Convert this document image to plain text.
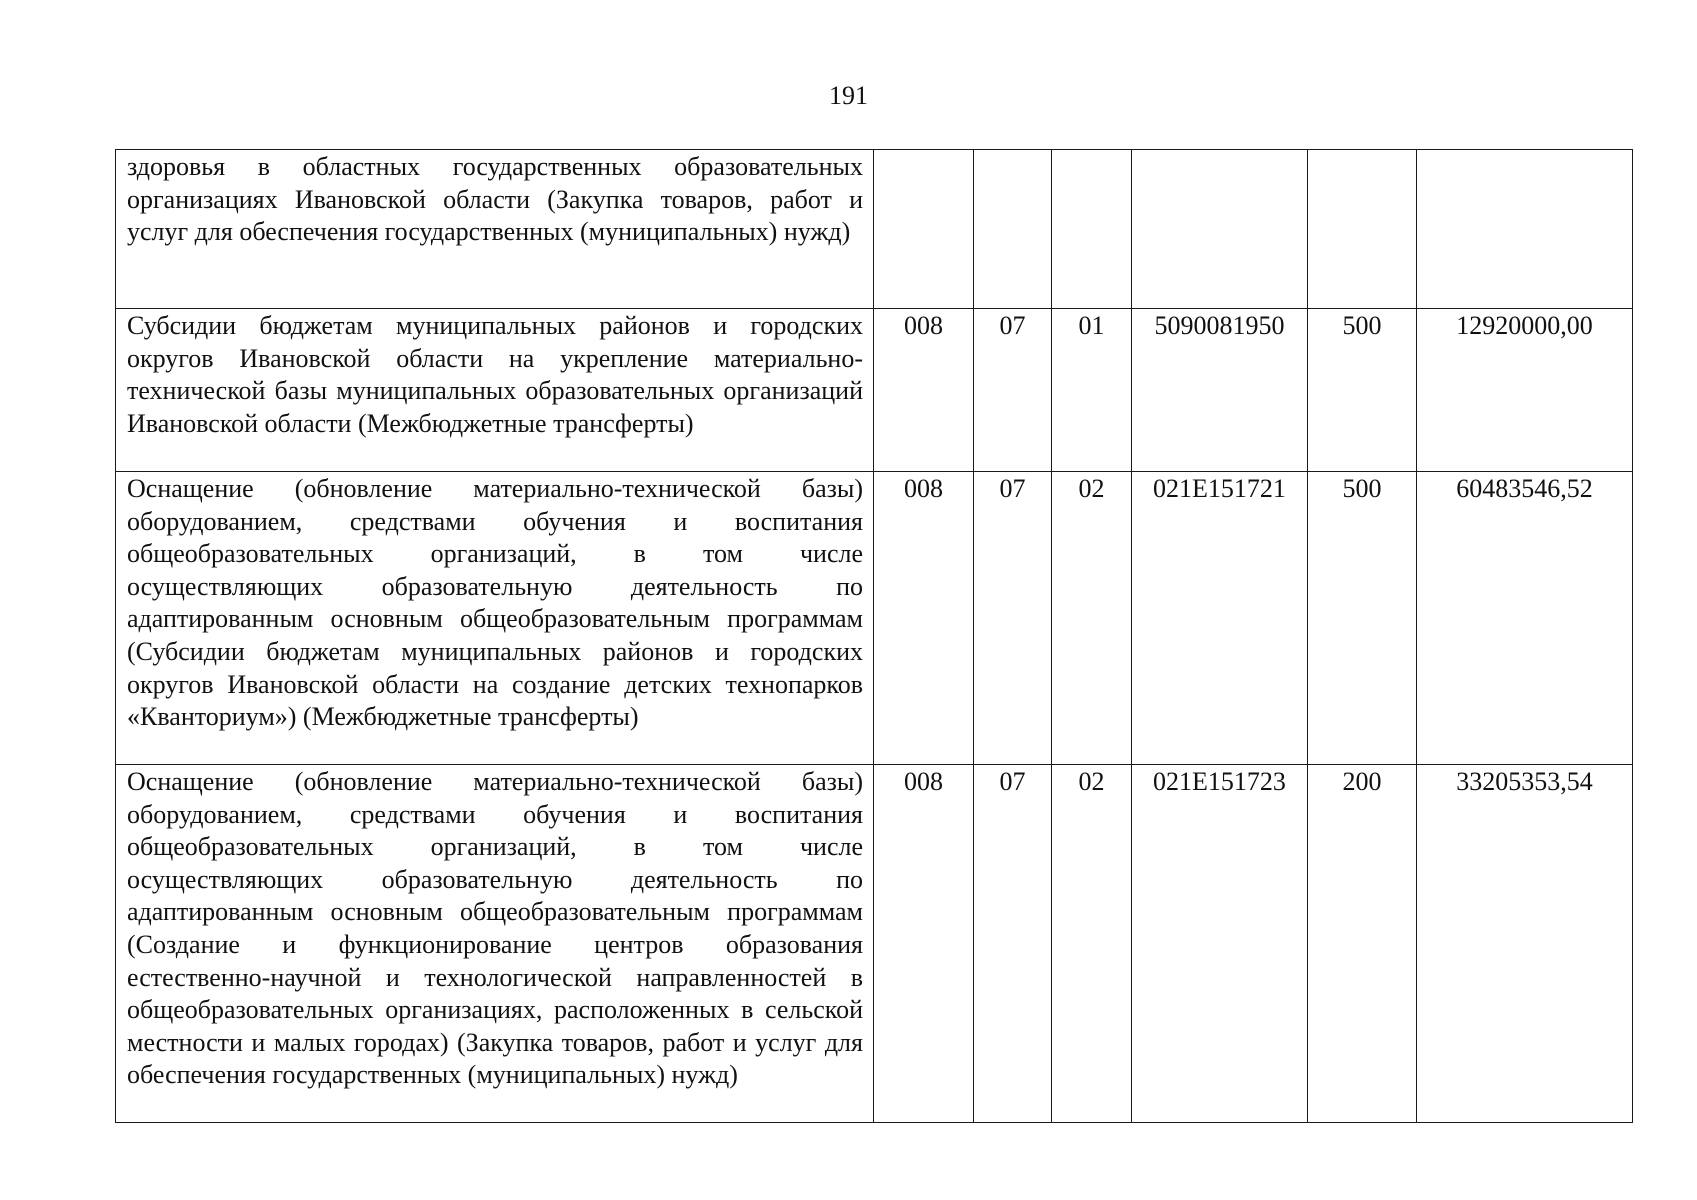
191
здоровья в областных государственных образовательных организациях Ивановской области (Закупка товаров, работ и услуг для обеспечения государственных (муниципальных) нужд)						
Субсидии бюджетам муниципальных районов и городских округов Ивановской области на укрепление материально-технической базы муниципальных образовательных организаций Ивановской области (Межбюджетные трансферты)	008	07	01	5090081950	500	12920000,00
Оснащение (обновление материально-технической базы) оборудованием, средствами обучения и воспитания общеобразовательных организаций, в том числе осуществляющих образовательную деятельность по адаптированным основным общеобразовательным программам (Субсидии бюджетам муниципальных районов и городских округов Ивановской области на создание детских технопарков «Кванториум») (Межбюджетные трансферты)	008	07	02	021E151721	500	60483546,52
Оснащение (обновление материально-технической базы) оборудованием, средствами обучения и воспитания общеобразовательных организаций, в том числе осуществляющих образовательную деятельность по адаптированным основным общеобразовательным программам (Создание и функционирование центров образования естественно-научной и технологической направленностей в общеобразовательных организациях, расположенных в сельской местности и малых городах) (Закупка товаров, работ и услуг для обеспечения государственных (муниципальных) нужд)	008	07	02	021E151723	200	33205353,54
